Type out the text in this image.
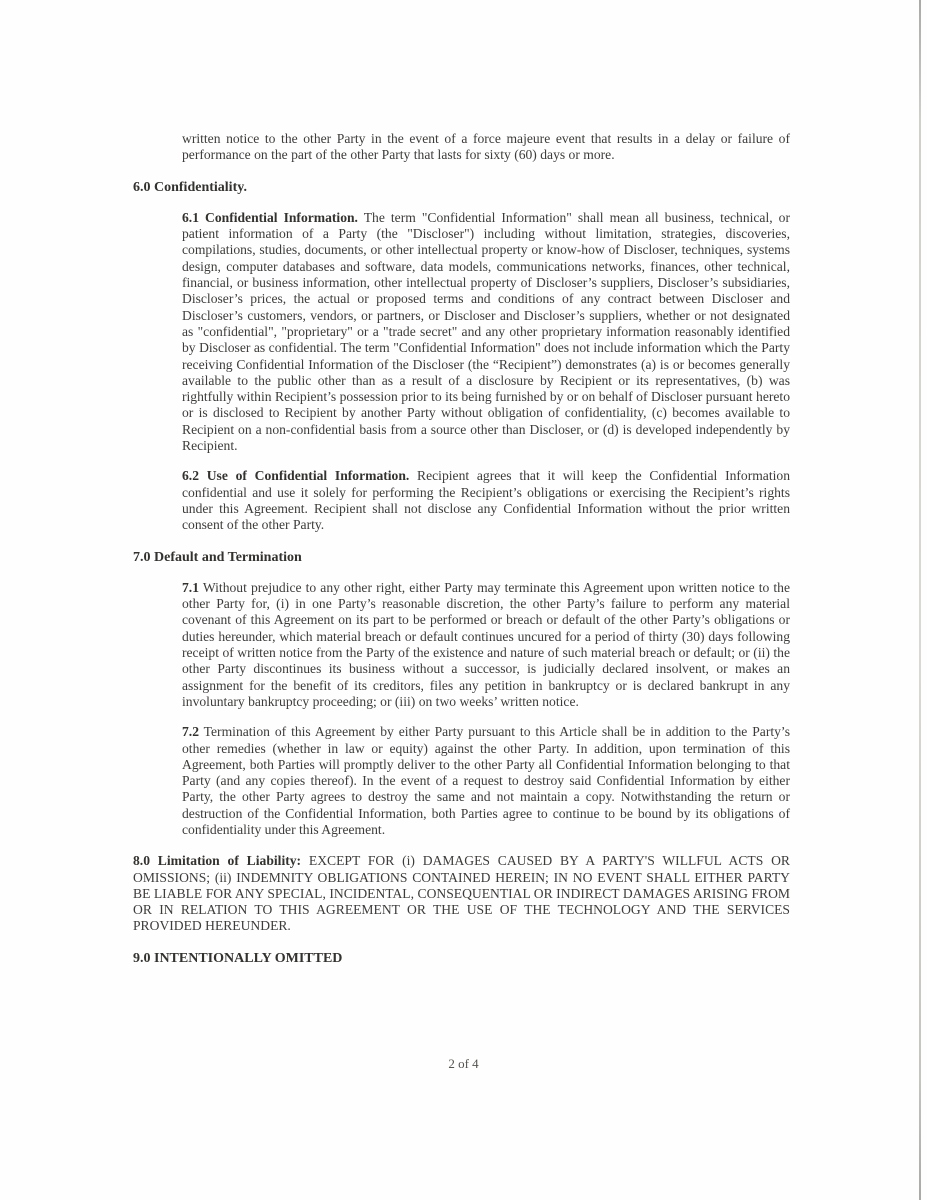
written notice to the other Party in the event of a force majeure event that results in a delay or failure of performance on the part of the other Party that lasts for sixty (60) days or more.

6.0 Confidentiality.

6.1 Confidential Information. The term "Confidential Information" shall mean all business, technical, or patient information of a Party (the "Discloser") including without limitation, strategies, discoveries, compilations, studies, documents, or other intellectual property or know-how of Discloser, techniques, systems design, computer databases and software, data models, communications networks, finances, other technical, financial, or business information, other intellectual property of Discloser’s suppliers, Discloser’s subsidiaries, Discloser’s prices, the actual or proposed terms and conditions of any contract between Discloser and Discloser’s customers, vendors, or partners, or Discloser and Discloser’s suppliers, whether or not designated as "confidential", "proprietary" or a "trade secret" and any other proprietary information reasonably identified by Discloser as confidential. The term "Confidential Information" does not include information which the Party receiving Confidential Information of the Discloser (the “Recipient”) demonstrates (a) is or becomes generally available to the public other than as a result of a disclosure by Recipient or its representatives, (b) was rightfully within Recipient’s possession prior to its being furnished by or on behalf of Discloser pursuant hereto or is disclosed to Recipient by another Party without obligation of confidentiality, (c) becomes available to Recipient on a non-confidential basis from a source other than Discloser, or (d) is developed independently by Recipient.

6.2 Use of Confidential Information. Recipient agrees that it will keep the Confidential Information confidential and use it solely for performing the Recipient’s obligations or exercising the Recipient’s rights under this Agreement. Recipient shall not disclose any Confidential Information without the prior written consent of the other Party.

7.0 Default and Termination

7.1 Without prejudice to any other right, either Party may terminate this Agreement upon written notice to the other Party for, (i) in one Party’s reasonable discretion, the other Party’s failure to perform any material covenant of this Agreement on its part to be performed or breach or default of the other Party’s obligations or duties hereunder, which material breach or default continues uncured for a period of thirty (30) days following receipt of written notice from the Party of the existence and nature of such material breach or default; or (ii) the other Party discontinues its business without a successor, is judicially declared insolvent, or makes an assignment for the benefit of its creditors, files any petition in bankruptcy or is declared bankrupt in any involuntary bankruptcy proceeding; or (iii) on two weeks’ written notice.

7.2 Termination of this Agreement by either Party pursuant to this Article shall be in addition to the Party’s other remedies (whether in law or equity) against the other Party. In addition, upon termination of this Agreement, both Parties will promptly deliver to the other Party all Confidential Information belonging to that Party (and any copies thereof). In the event of a request to destroy said Confidential Information by either Party, the other Party agrees to destroy the same and not maintain a copy. Notwithstanding the return or destruction of the Confidential Information, both Parties agree to continue to be bound by its obligations of confidentiality under this Agreement.

8.0 Limitation of Liability: EXCEPT FOR (i) DAMAGES CAUSED BY A PARTY'S WILLFUL ACTS OR OMISSIONS; (ii) INDEMNITY OBLIGATIONS CONTAINED HEREIN; IN NO EVENT SHALL EITHER PARTY BE LIABLE FOR ANY SPECIAL, INCIDENTAL, CONSEQUENTIAL OR INDIRECT DAMAGES ARISING FROM OR IN RELATION TO THIS AGREEMENT OR THE USE OF THE TECHNOLOGY AND THE SERVICES PROVIDED HEREUNDER.

9.0 INTENTIONALLY OMITTED
2 of 4
